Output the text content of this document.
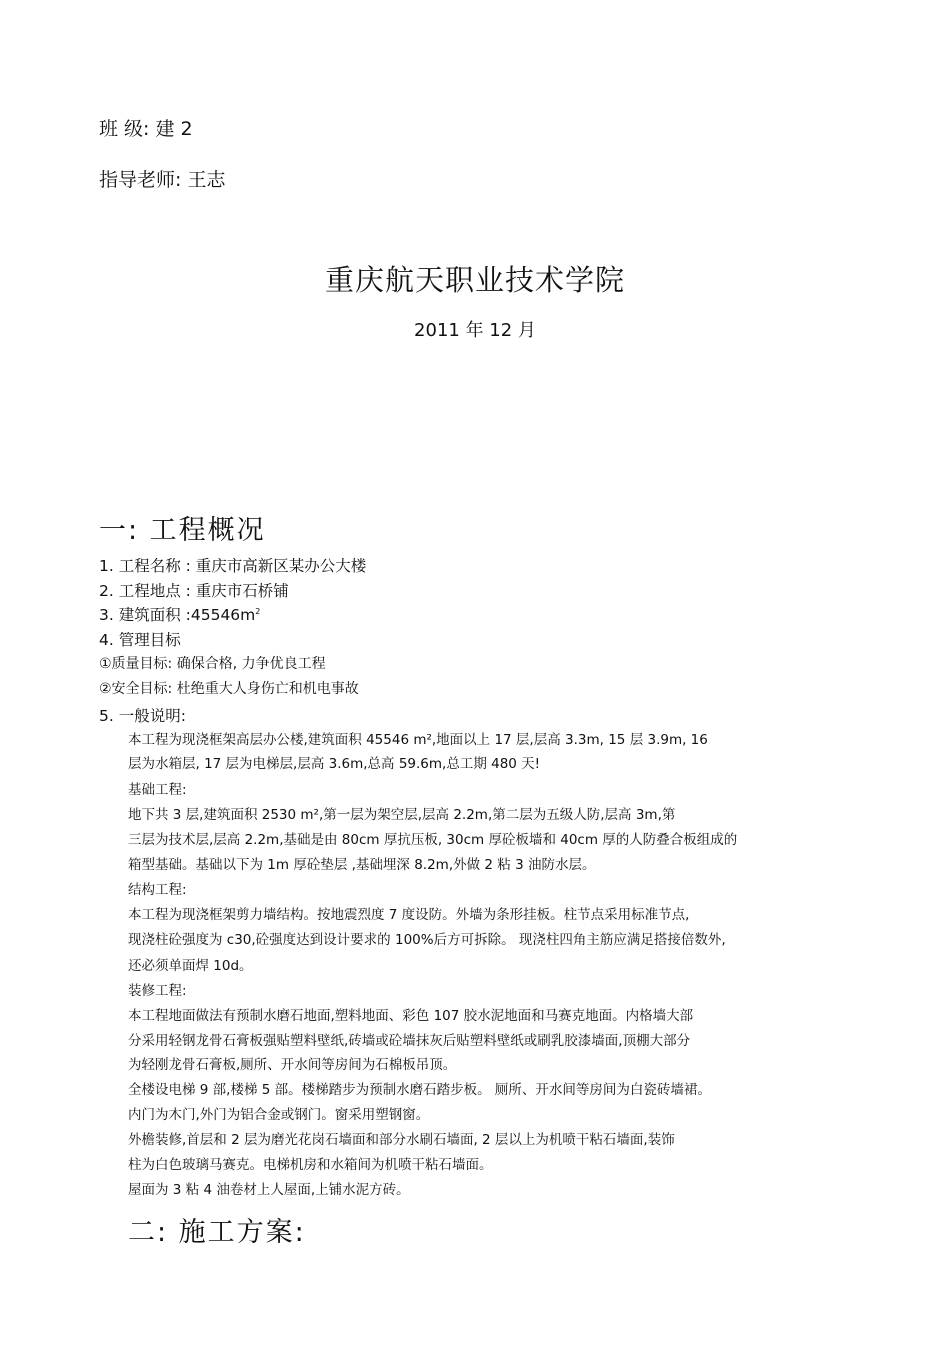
班 级: 建 2
指导老师: 王志
重庆航天职业技术学院
2011 年 12 月
一: 工程概况
1. 工程名称 : 重庆市高新区某办公大楼
2. 工程地点 : 重庆市石桥铺
3. 建筑面积 $:45546m^2$
4. 管理目标
①质量目标: 确保合格, 力争优良工程
②安全目标: 杜绝重大人身伤亡和机电事故
5. 一般说明:
本工程为现浇框架高层办公楼,建筑面积 45546 m²,地面以上 17 层,层高 3.3m, 15 层 3.9m, 16
层为水箱层, 17 层为电梯层,层高 3.6m,总高 59.6m,总工期 480 天!
基础工程:
地下共 3 层,建筑面积 2530 m²,第一层为架空层,层高 2.2m,第二层为五级人防,层高 3m,第
三层为技术层,层高 2.2m,基础是由 80cm 厚抗压板, 30cm 厚砼板墙和 40cm 厚的人防叠合板组成的
箱型基础。基础以下为 1m 厚砼垫层 ,基础埋深 8.2m,外做 2 粘 3 油防水层。
结构工程:
本工程为现浇框架剪力墙结构。按地震烈度 7 度设防。外墙为条形挂板。柱节点采用标准节点,
现浇柱砼强度为 c30,砼强度达到设计要求的 100%后方可拆除。 现浇柱四角主筋应满足搭接倍数外,
还必须单面焊 10d。
装修工程:
本工程地面做法有预制水磨石地面,塑料地面、彩色 107 胶水泥地面和马赛克地面。内格墙大部
分采用轻钢龙骨石膏板强贴塑料壁纸,砖墙或砼墙抹灰后贴塑料壁纸或刷乳胶漆墙面,顶棚大部分
为轻刚龙骨石膏板,厕所、开水间等房间为石棉板吊顶。
全楼设电梯 9 部,楼梯 5 部。楼梯踏步为预制水磨石踏步板。 厕所、开水间等房间为白瓷砖墙裙。
内门为木门,外门为铝合金或钢门。窗采用塑钢窗。
外檐装修,首层和 2 层为磨光花岗石墙面和部分水刷石墙面, 2 层以上为机喷干粘石墙面,装饰
柱为白色玻璃马赛克。电梯机房和水箱间为机喷干粘石墙面。
屋面为 3 粘 4 油卷材上人屋面,上铺水泥方砖。
二: 施工方案:
